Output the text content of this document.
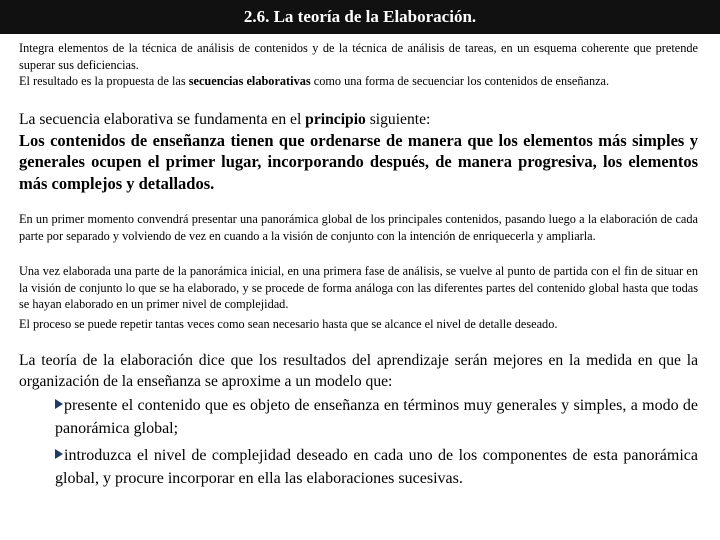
2.6. La teoría de la Elaboración.

Integra elementos de la técnica de análisis de contenidos y de la técnica de análisis de tareas, en un esquema coherente que pretende superar sus deficiencias.

El resultado es la propuesta de las secuencias elaborativas como una forma de secuenciar los contenidos de enseñanza.

La secuencia elaborativa se fundamenta en el principio siguiente:

Los contenidos de enseñanza tienen que ordenarse de manera que los elementos más simples y generales ocupen el primer lugar, incorporando después, de manera progresiva, los elementos más complejos y detallados.

En un primer momento convendrá presentar una panorámica global de los principales contenidos, pasando luego a la elaboración de cada parte por separado y volviendo de vez en cuando a la visión de conjunto con la intención de enriquecerla y ampliarla.

Una vez elaborada una parte de la panorámica inicial, en una primera fase de análisis, se vuelve al punto de partida con el fin de situar en la visión de conjunto lo que se ha elaborado, y se procede de forma análoga con las diferentes partes del contenido global hasta que todas se hayan elaborado en un primer nivel de complejidad.

El proceso se puede repetir tantas veces como sean necesario hasta que se alcance el nivel de detalle deseado.

La teoría de la elaboración dice que los resultados del aprendizaje serán mejores en la medida en que la organización de la enseñanza se aproxime a un modelo que:

presente el contenido que es objeto de enseñanza en términos muy generales y simples, a modo de panorámica global;

introduzca el nivel de complejidad deseado en cada uno de los componentes de esta panorámica global, y procure incorporar en ella las elaboraciones sucesivas.
